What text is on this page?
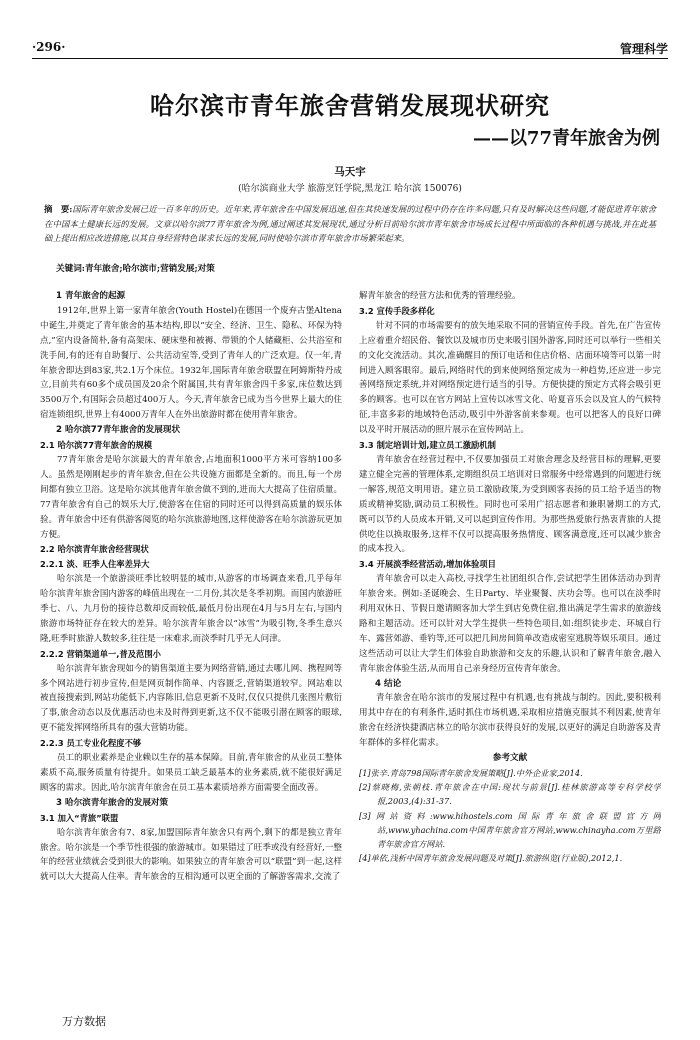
·296·	管理科学
哈尔滨市青年旅舍营销发展现状研究
——以77青年旅舍为例
马天宇
(哈尔滨商业大学 旅游烹饪学院,黑龙江 哈尔滨 150076)
摘　要:国际青年旅舍发展已近一百多年的历史。近年来,青年旅舍在中国发展迅速,但在其快速发展的过程中仍存在许多问题,只有及时解决这些问题,才能促进青年旅舍在中国本土健康长远的发展。文章以哈尔滨77青年旅舍为例,通过阐述其发展现状,通过分析目前哈尔滨市青年旅舍市场成长过程中所面临的各种机遇与挑战,并在此基础上提出相应改进措施,以其自身经营特色谋求长远的发展,同时使哈尔滨市青年旅舍市场繁荣起来。
关键词:青年旅舍;哈尔滨市;营销发展;对策
1 青年旅舍的起源
1912年,世界上第一家青年旅舍(Youth Hostel)在德国一个废弃古堡Altena中诞生,并奠定了青年旅舍的基本结构,即以“安全、经济、卫生、隐私、环保为特点,”室内设备简朴,备有高架床、硬床垫和被褥、带锁的个人储藏柜、公共浴室和洗手间,有的还有自助餐厅、公共活动室等,受到了青年人的广泛欢迎。仅一年,青年旅舍即达到83家,共2.1万个床位。1932年,国际青年旅舍联盟在阿姆斯特丹成立,目前共有60多个成员国及20余个附属国,共有青年旅舍四千多家,床位数达到3500万个,有国际会员超过400万人。今天,青年旅舍已成为当今世界上最大的住宿连锁组织,世界上有4000万青年人在外出旅游时都在使用青年旅舍。
2 哈尔滨77青年旅舍的发展现状
2.1 哈尔滨77青年旅舍的规模
77青年旅舍是哈尔滨最大的青年旅舍,占地面积1000平方米可容纳100多人。虽然是刚刚起步的青年旅舍,但在公共设施方面都是全新的。而且,每一个房间都有独立卫浴。这是哈尔滨其他青年旅舍做不到的,进而大大提高了住宿质量。77青年旅舍有自己的娱乐大厅,使游客在住宿的同时还可以得到高质量的娱乐体验。青年旅舍中还有供游客阅览的哈尔滨旅游地图,这样使游客在哈尔滨游玩更加方便。
2.2 哈尔滨青年旅舍经营现状
2.2.1 淡、旺季人住率差异大
哈尔滨是一个旅游淡旺季比较明显的城市,从游客的市场调查来看,几乎每年哈尔滨青年旅舍国内游客的峰值出现在一二月份,其次是冬季初期。而国内旅游旺季七、八、九月份的接待总数却反而较低,最低月份出现在4月与5月左右,与国内旅游市场特征存在较大的差异。哈尔滨青年旅舍以“冰雪”为吸引物,冬季生意兴隆,旺季时旅游人数较多,往往是一床难求,而淡季时几乎无人问津。
2.2.2 营销渠道单一,普及范围小
哈尔滨青年旅舍现如今的销售渠道主要为网络营销,通过去哪儿网、携程网等多个网站进行初步宣传,但是网页制作简单、内容匮乏,营销渠道较窄。网站难以被直接搜索到,网站功能低下,内容陈旧,信息更新不及时,仅仅只提供几张图片敷衍了事,旅舍动态以及优惠活动也未及时得到更新,这不仅不能吸引潜在顾客的眼球,更不能发挥网络所具有的强大营销功能。
2.2.3 员工专业化程度不够
员工的职业素养是企业赖以生存的基本保障。目前,青年旅舍的从业员工整体素质不高,服务质量有待提升。如果员工缺乏最基本的业务素质,就不能很好满足顾客的需求。因此,哈尔滨青年旅舍在员工基本素质培养方面需要全面改善。
3 哈尔滨青年旅舍的发展对策
3.1 加入“青旅”联盟
哈尔滨青年旅舍有7、8家,加盟国际青年旅舍只有两个,剩下的都是独立青年旅舍。哈尔滨是一个季节性很强的旅游城市。如果错过了旺季或没有经营好,一整年的经营业绩就会受到很大的影响。如果独立的青年旅舍可以“联盟”到一起,这样就可以大大提高人住率。青年旅舍的互相沟通可以更全面的了解游客需求,交流了
解青年旅舍的经营方法和优秀的管理经验。
3.2 宣传手段多样化
针对不同的市场需要有的放矢地采取不同的营销宣传手段。首先,在广告宣传上应着重介绍民俗、餐饮以及城市历史来吸引国外游客,同时还可以举行一些相关的文化交流活动。其次,准确醒目的预订电话和住店价格、店面环境等可以第一时间进入顾客眼帘。最后,网络时代的到来使网络预定成为一种趋势,还应进一步完善网络预定系统,并对网络预定进行适当的引导。方便快捷的预定方式将会吸引更多的顾客。也可以在官方网站上宣传以冰雪文化、哈夏音乐会以及宜人的气候特征,丰富多彩的地域特色活动,吸引中外游客前来参观。也可以把客人的良好口碑以及平时开展活动的照片展示在宣传网站上。
3.3 制定培训计划,建立员工激励机制
青年旅舍在经营过程中,不仅要加强员工对旅舍理念及经营目标的理解,更要建立健全完善的管理体系,定期组织员工培训对日常服务中经常遇到的问题进行统一解答,规范文明用语。建立员工激励政策,为受到顾客表扬的员工给予适当的物质或精神奖励,调动员工积极性。同时也可采用广招志愿者和兼职暑期工的方式,既可以节约人员成本开销,又可以起到宣传作用。为那些热爱旅行热衷青旅的人提供吃住以换取服务,这样不仅可以提高服务热情度、顾客满意度,还可以减少旅舍的成本投入。
3.4 开展淡季经营活动,增加体验项目
青年旅舍可以走入高校,寻找学生社团组织合作,尝试把学生团体活动办到青年旅舍来。例如:圣诞晚会、生日Party、毕业聚餐、庆功会等。也可以在淡季时利用双休日、节假日邀请顾客加大学生到店免费住宿,推出满足学生需求的旅游线路和主题活动。还可以针对大学生提供一些特色项目,如:组织徒步走、环城自行车、露营郊游、垂钓等,还可以把几间房间简单改造成密室逃脱等娱乐项目。通过这些活动可以让大学生们体验自助旅游和交友的乐趣,认识和了解青年旅舍,融入青年旅舍体验生活,从而用自己亲身经历宣传青年旅舍。
4 结论
青年旅舍在哈尔滨市的发展过程中有机遇,也有挑战与制约。因此,要积极利用其中存在的有利条件,适时抓住市场机遇,采取相应措施克服其不利因素,使青年旅舍在经济快捷酒店林立的哈尔滨市获得良好的发展,以更好的满足自助游客及青年群体的多样化需求。
参考文献
[1]张辛.青岛798国际青年旅舍发展策略[J].中外企业家,2014.
[2]蔡晓梅,张朝枝.青年旅舍在中国:现状与前景[J].桂林旅游高等专科学校学报,2003,(4):31-37.
[3]网站资料:www.hihostels.com国际青年旅舍联盟官方网站,www.yhachina.com中国青年旅舍官方网站,www.chinayha.com万里路青年旅舍官方网站.
[4]单依,浅析中国青年旅舍发展问题及对策[J].旅游纵览(行业版),2012,1.
万方数据
